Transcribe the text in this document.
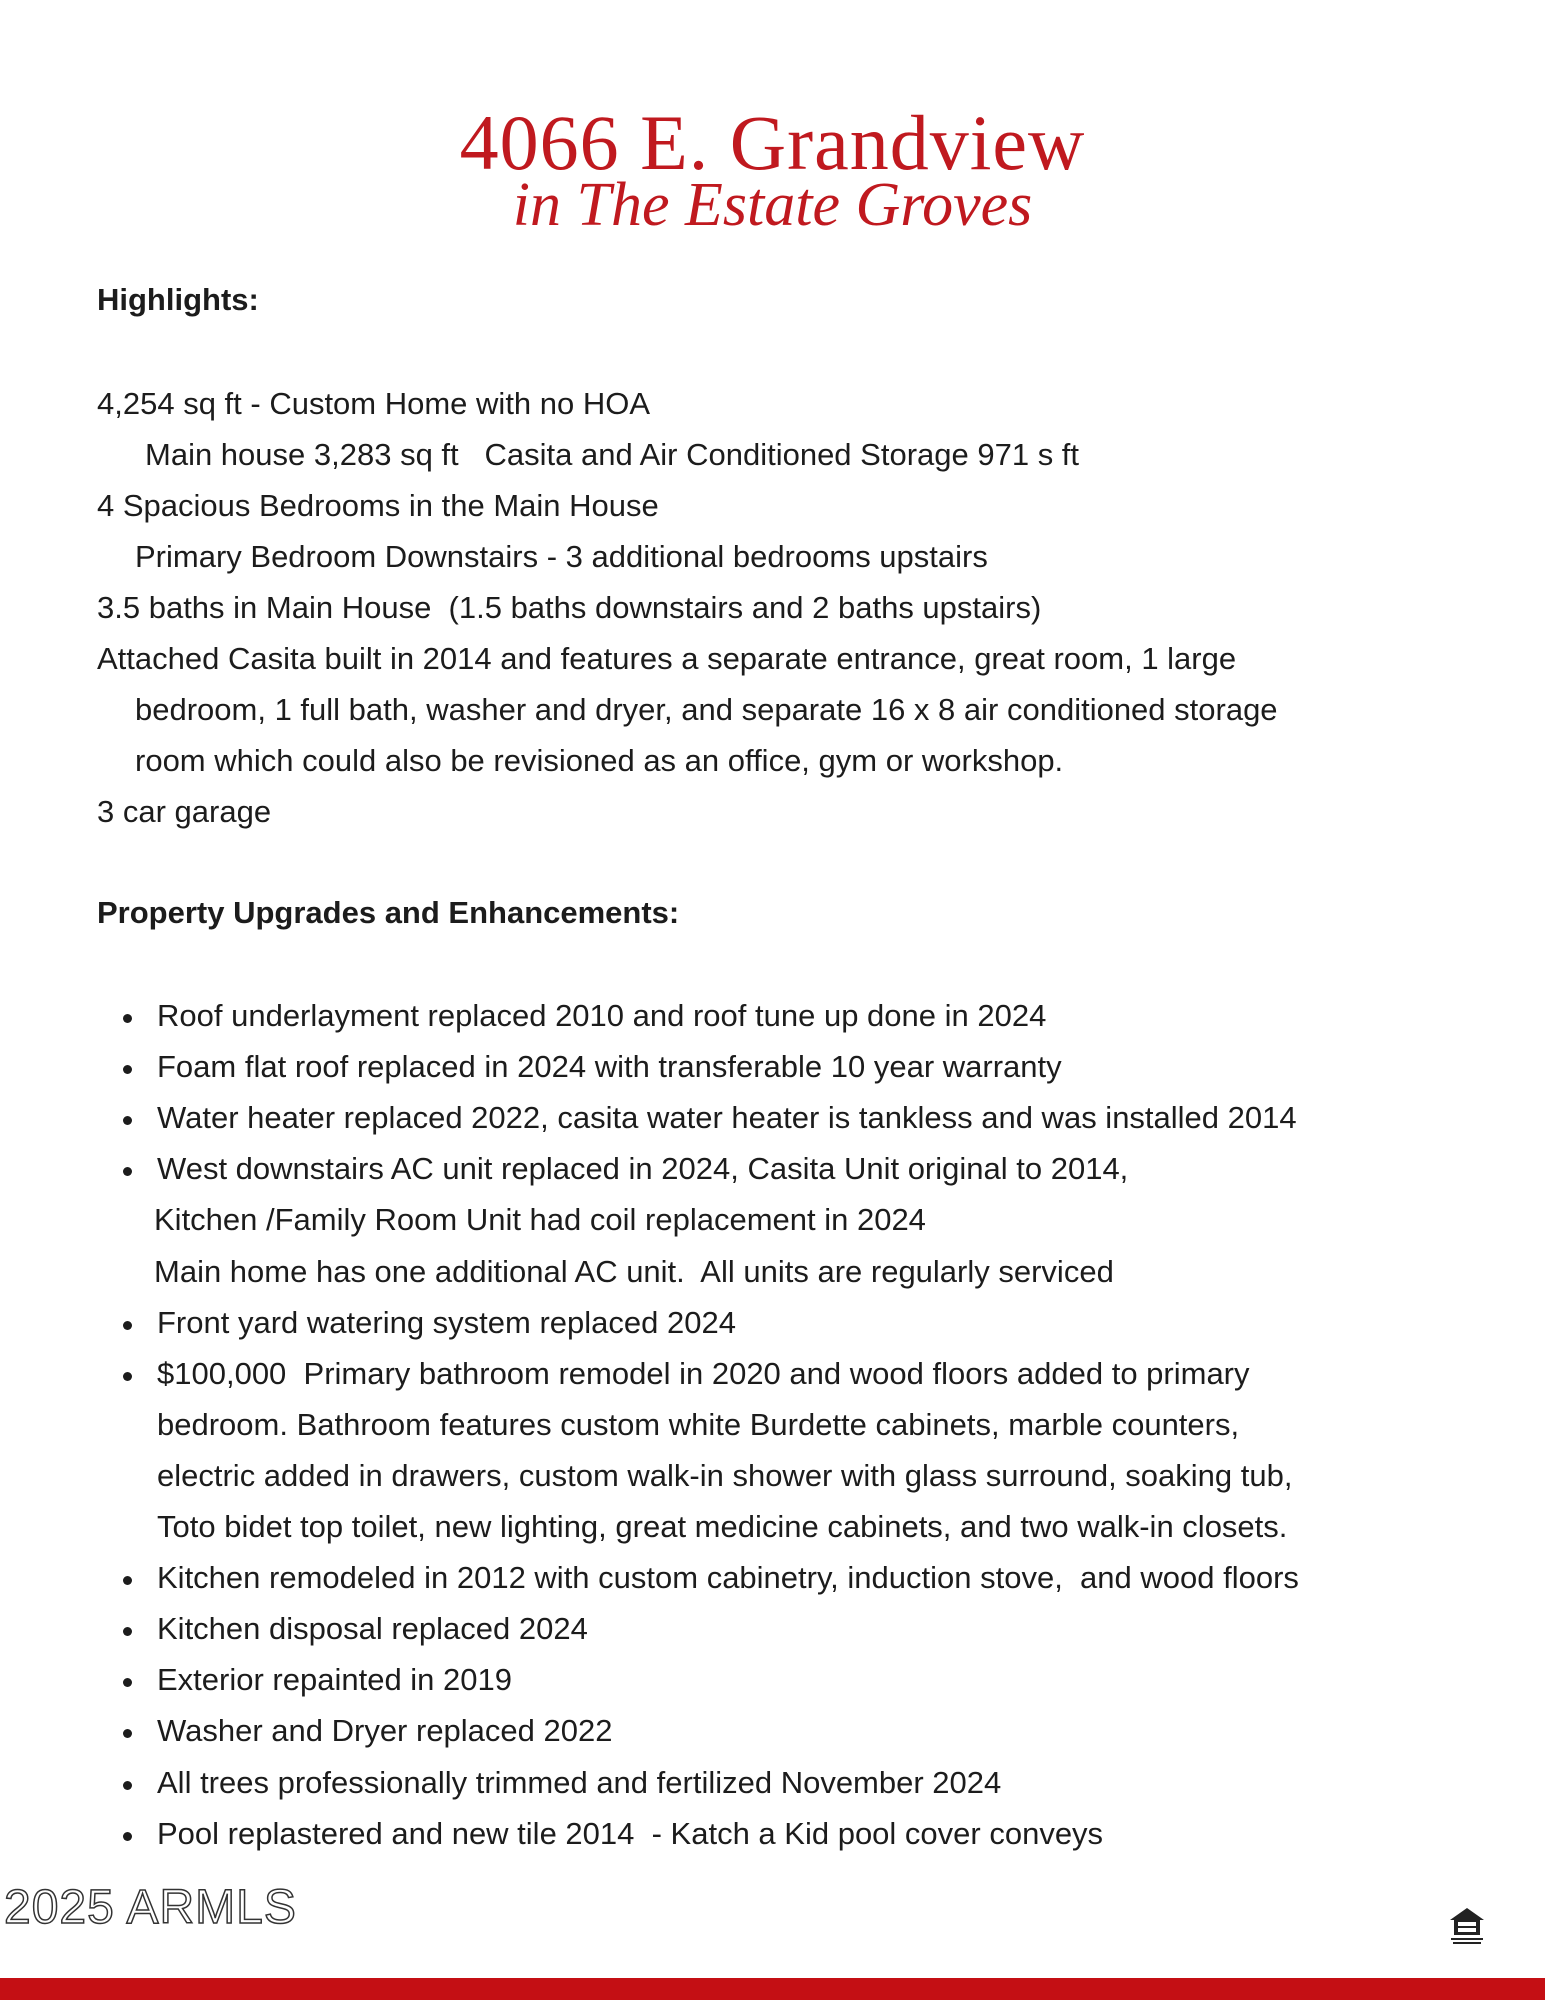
4066 E. Grandview
in The Estate Groves
Highlights:

4,254 sq ft - Custom Home with no HOA

Main house 3,283 sq ft   Casita and Air Conditioned Storage 971 s ft

4 Spacious Bedrooms in the Main House

Primary Bedroom Downstairs - 3 additional bedrooms upstairs

3.5 baths in Main House  (1.5 baths downstairs and 2 baths upstairs)

Attached Casita built in 2014 and features a separate entrance, great room, 1 large

bedroom, 1 full bath, washer and dryer, and separate 16 x 8 air conditioned storage

room which could also be revisioned as an office, gym or workshop.

3 car garage

Property Upgrades and Enhancements:

Roof underlayment replaced 2010 and roof tune up done in 2024

Foam flat roof replaced in 2024 with transferable 10 year warranty

Water heater replaced 2022, casita water heater is tankless and was installed 2014

West downstairs AC unit replaced in 2024, Casita Unit original to 2014,

Kitchen /Family Room Unit had coil replacement in 2024

Main home has one additional AC unit.  All units are regularly serviced

Front yard watering system replaced 2024

$100,000  Primary bathroom remodel in 2020 and wood floors added to primary

bedroom. Bathroom features custom white Burdette cabinets, marble counters,

electric added in drawers, custom walk-in shower with glass surround, soaking tub,

Toto bidet top toilet, new lighting, great medicine cabinets, and two walk-in closets.

Kitchen remodeled in 2012 with custom cabinetry, induction stove,  and wood floors

Kitchen disposal replaced 2024

Exterior repainted in 2019

Washer and Dryer replaced 2022

All trees professionally trimmed and fertilized November 2024

Pool replastered and new tile 2014  - Katch a Kid pool cover conveys

2025 ARMLS
